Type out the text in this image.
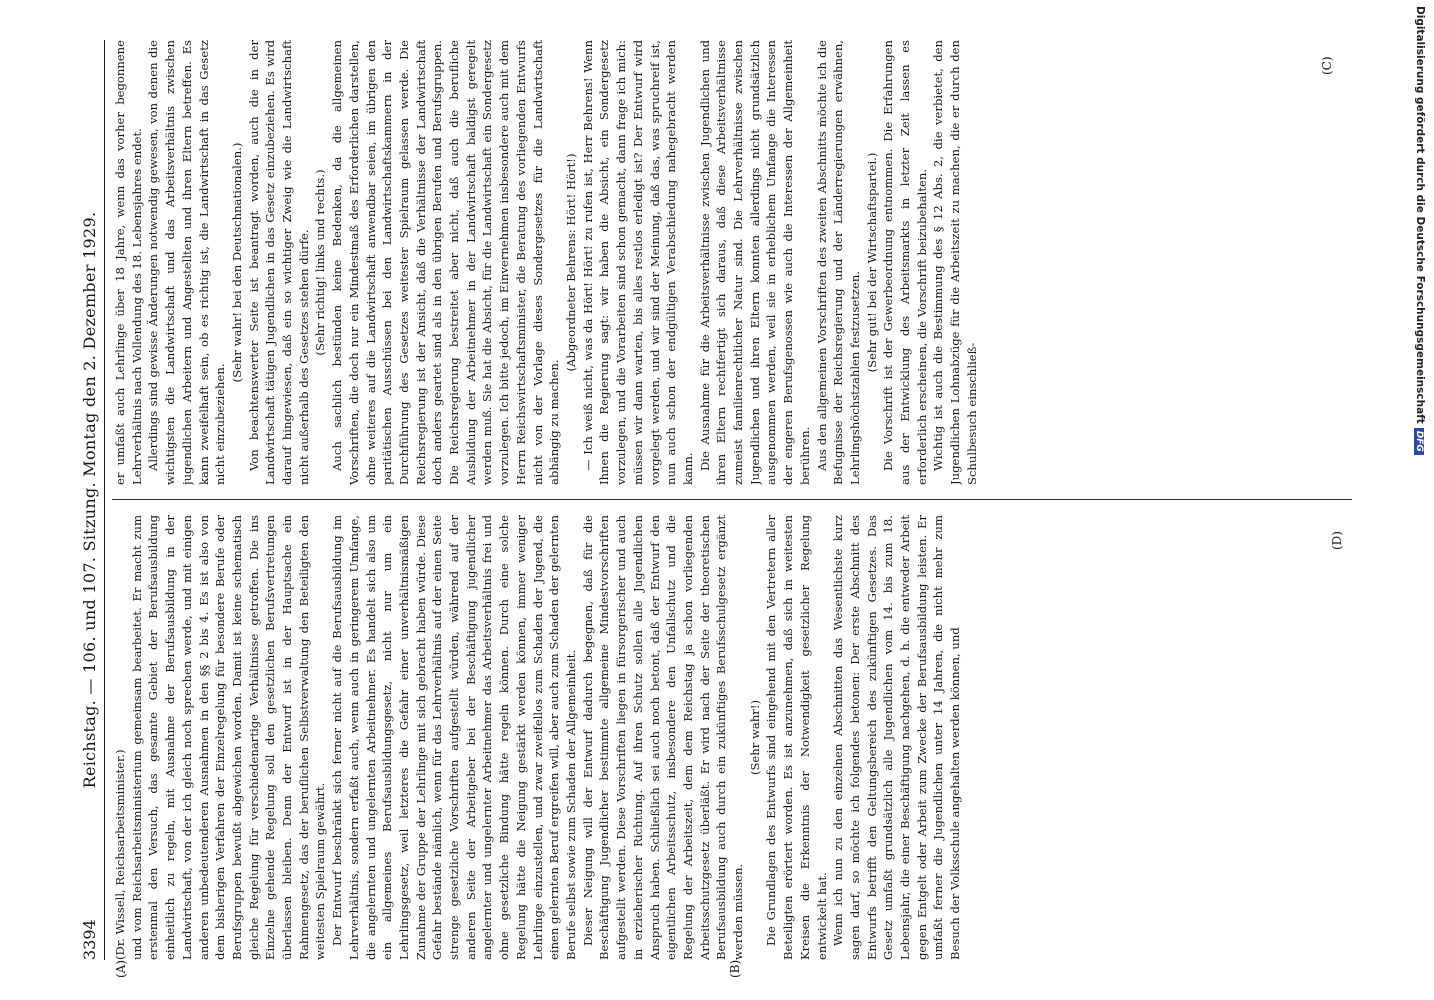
Reichstag. — 106. und 107. Sitzung. Montag den 2. Dezember 1929.
3394 (Dr. Wissell, Reichsarbeitsminister.) und vom Reichsarbeitsministerium gemeinsam bearbeitet. Er macht zum erstenmal den Versuch, das gesamte Gebiet der Berufsausbildung einheitlich zu regeln, mit Ausnahme der Berufsausbildung in der Landwirtschaft, von der ich gleich noch sprechen werde, und mit einigen anderen unbedeutenderen Ausnahmen in den §§ 2 bis 4. Es ist also von dem bisherigen Verfahren der Einzelregelung für besondere Berufe oder Berufsgruppen bewußt abgewichen worden. Damit ist keine schematisch gleiche Regelung für verschiedenartige Verhältnisse getroffen. Die ins Einzelne gehende Regelung soll den gesetzlichen Berufsvertretungen überlassen bleiben. Denn der Entwurf ist in der Hauptsache ein Rahmengesetz, das der beruflichen Selbstverwaltung den Beteiligten den weitesten Spielraum gewährt. Der Entwurf beschränkt sich ferner nicht auf die Berufsausbildung im Lehrverhältnis, sondern erfaßt auch, wenn auch in geringerem Umfange, die angelernten und ungelernten Arbeitnehmer. Es handelt sich also um ein allgemeines Berufsausbildungsgesetz, nicht nur um ein Lehrlingsgesetz, weil letzteres die Gefahr einer unverhältnismäßigen Zunahme der Gruppe der Lehrlinge mit sich gebracht haben würde. Diese Gefahr bestände nämlich, wenn für das Lehrverhältnis auf der einen Seite strenge gesetzliche Vorschriften aufgestellt würden, während auf der anderen Seite der Arbeitgeber bei der Beschäftigung jugendlicher angelernter und ungelernter Arbeitnehmer das Arbeitsverhältnis frei und ohne gesetzliche Bindung hätte regeln können. Durch eine solche Regelung hätte die Neigung gestärkt werden können, immer weniger Lehrlinge einzustellen, und zwar zweifellos zum Schaden der Jugend, die einen gelernten Beruf ergreifen will, aber auch zum Schaden der gelernten Berufe selbst sowie zum Schaden der Allgemeinheit. Dieser Neigung will der Entwurf dadurch begegnen, daß für die Beschäftigung Jugendlicher bestimmte allgemeine Mindestvorschriften aufgestellt werden. Diese Vorschriften liegen in fürsorgerischer und auch in erzieherischer Richtung. Auf ihren Schutz sollen alle Jugendlichen Anspruch haben. Schließlich sei auch noch betont, daß der Entwurf den eigentlichen Arbeitsschutz, insbesondere den Unfallschutz und die Regelung der Arbeitszeit, dem dem Reichstag ja schon vorliegenden Arbeitsschutzgesetz überläßt. Er wird nach der Seite der theoretischen Berufsausbildung auch durch ein zukünftiges Berufsschulgesetz ergänzt werden müssen.

(Sehr wahr!) Die Grundlagen des Entwurfs sind eingehend mit den Vertretern aller Beteiligten erörtert worden. Es ist anzunehmen, daß sich in weitesten Kreisen die Erkenntnis der Notwendigkeit gesetzlicher Regelung entwickelt hat. Wenn ich nun zu den einzelnen Abschnitten das Wesentlichste kurz sagen darf, so möchte ich folgendes betonen: Der erste Abschnitt des Entwurfs betrifft den Geltungsbereich des zukünftigen Gesetzes. Das Gesetz umfaßt grundsätzlich alle Jugendlichen vom 14. bis zum 18. Lebensjahr, die einer Beschäftigung nachgehen, d. h. die entweder Arbeit gegen Entgelt oder Arbeit zum Zwecke der Berufsausbildung leisten. Er umfaßt ferner die Jugendlichen unter 14 Jahren, die nicht mehr zum Besuch der Volksschule angehalten werden können, und

er umfaßt auch Lehrlinge über 18 Jahre, wenn das vorher begonnene Lehrverhältnis nach Vollendung des 18. Lebensjahres endet. Allerdings sind gewisse Änderungen notwendig gewesen, von denen die wichtigsten die Landwirtschaft und das Arbeitsverhältnis zwischen jugendlichen Arbeitern und Angestellten und ihren Eltern betreffen. Es kann zweifelhaft sein, ob es richtig ist, die Landwirtschaft in das Gesetz nicht einzubeziehen.

(Sehr wahr! bei den Deutschnationalen.) Von beachtenswerter Seite ist beantragt worden, auch die in der Landwirtschaft tätigen Jugendlichen in das Gesetz einzubeziehen. Es wird darauf hingewiesen, daß ein so wichtiger Zweig wie die Landwirtschaft nicht außerhalb des Gesetzes stehen dürfe. (Sehr richtig! links und rechts.) Auch sachlich bestünden keine Bedenken, da die allgemeinen Vorschriften, die doch nur ein Mindestmaß des Erforderlichen darstellen, ohne weiteres auf die Landwirtschaft anwendbar seien, im übrigen den paritätischen Ausschüssen bei den Landwirtschaftskammern in der Durchführung des Gesetzes weitester Spielraum gelassen werde. Die Reichsregierung ist der Ansicht, daß die Verhältnisse der Landwirtschaft doch anders geartet sind als in den übrigen Berufen und Berufsgruppen. Die Reichsregierung bestreitet aber nicht, daß auch die berufliche Ausbildung der Arbeitnehmer in der Landwirtschaft baldigst geregelt werden muß. Sie hat die Absicht, für die Landwirtschaft ein Sondergesetz vorzulegen. Ich bitte jedoch, im Einvernehmen insbesondere auch mit dem Herrn Reichswirtschaftsminister, die Beratung des vorliegenden Entwurfs nicht von der Vorlage dieses Sondergesetzes für die Landwirtschaft abhängig zu machen.

(Abgeordneter Behrens: Hört! Hört!) — Ich weiß nicht, was da Hört! Hört! zu rufen ist, Herr Behrens! Wenn Ihnen die Regierung sagt: wir haben die Absicht, ein Sondergesetz vorzulegen, und die Vorarbeiten sind schon gemacht, dann frage ich mich: müssen wir dann warten, bis alles restlos erledigt ist? Der Entwurf wird vorgelegt werden, und wir sind der Meinung, daß das, was spruchreif ist, nun auch schon der endgültigen Verabschiedung nahegebracht werden kann. Die Ausnahme für die Arbeitsverhältnisse zwischen Jugendlichen und ihren Eltern rechtfertigt sich daraus, daß diese Arbeitsverhältnisse zumeist familienrechtlicher Natur sind. Die Lehrverhältnisse zwischen Jugendlichen und ihren Eltern konnten allerdings nicht grundsätzlich ausgenommen werden, weil sie in erheblichem Umfange die Interessen der engeren Berufsgenossen wie auch die Interessen der Allgemeinheit berühren. Aus den allgemeinen Vorschriften des zweiten Abschnitts möchte ich die Befugnisse der Reichsregierung und der Länderregierungen erwähnen, Lehrlingshöchstzahlen festzusetzen.

(Sehr gut! bei der Wirtschaftspartei.) Die Vorschrift ist der Gewerbeordnung entnommen. Die Erfahrungen aus der Entwicklung des Arbeitsmarkts in letzter Zeit lassen es erforderlich erscheinen, die Vorschrift beizubehalten. Wichtig ist auch die Bestimmung des § 12 Abs. 2, die verbietet, den Jugendlichen Lohnabzüge für die Arbeitszeit zu machen, die er durch den Schulbesuch einschließ-

(A)	(B)
(C)
(D)
Digitalisierung gefördert durch die Deutsche ForschungsgemeinschaftDFG
